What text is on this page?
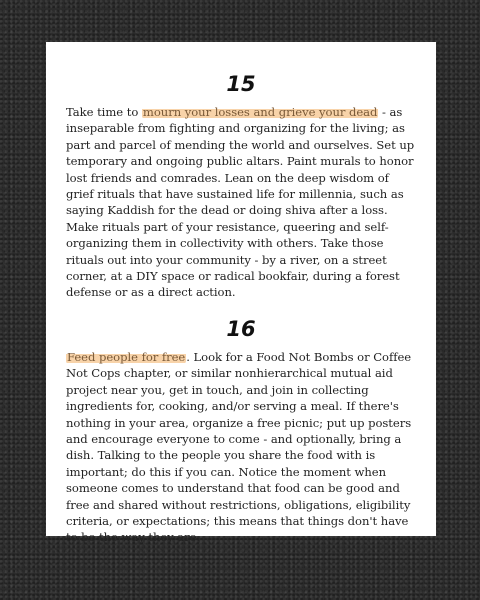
15

Take time to mourn your losses and grieve your dead - as inseparable from fighting and organizing for the living; as part and parcel of mending the world and ourselves. Set up temporary and ongoing public altars. Paint murals to honor lost friends and comrades. Lean on the deep wisdom of grief rituals that have sustained life for millennia, such as saying Kaddish for the dead or doing shiva after a loss. Make rituals part of your resistance, queering and self-organizing them in collectivity with others. Take those rituals out into your community - by a river, on a street corner, at a DIY space or radical bookfair, during a forest defense or as a direct action.

16

Feed people for free. Look for a Food Not Bombs or Coffee Not Cops chapter, or similar nonhierarchical mutual aid project near you, get in touch, and join in collecting ingredients for, cooking, and/or serving a meal. If there's nothing in your area, organize a free picnic; put up posters and encourage everyone to come - and optionally, bring a dish. Talking to the people you share the food with is important; do this if you can. Notice the moment when someone comes to understand that food can be good and free and shared without restrictions, obligations, eligibility criteria, or expectations; this means that things don't have to be the way they are.
